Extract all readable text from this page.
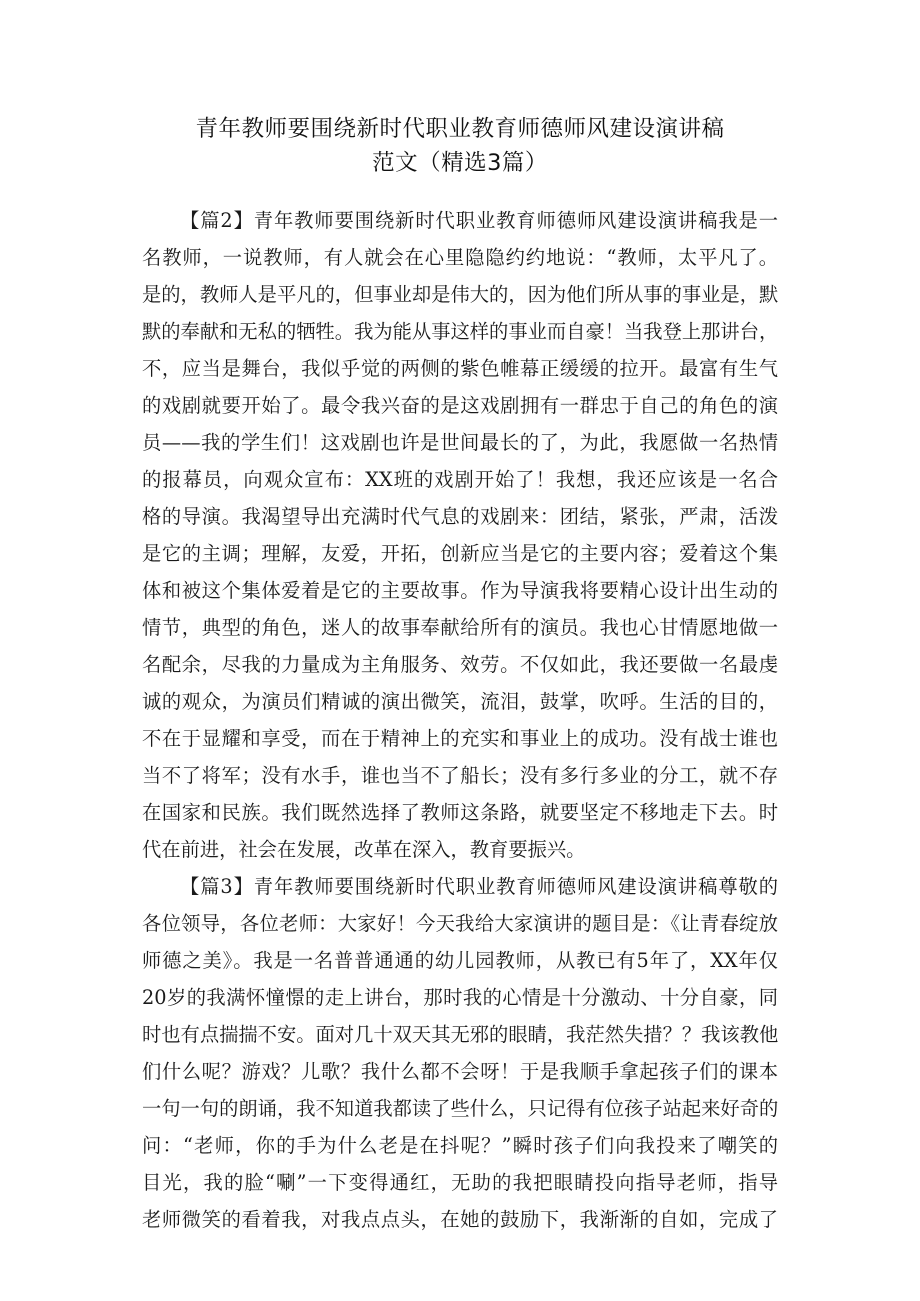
青年教师要围绕新时代职业教育师德师风建设演讲稿
范文（精选3篇）
【篇2】青年教师要围绕新时代职业教育师德师风建设演讲稿我是一
名教师，一说教师，有人就会在心里隐隐约约地说：“教师，太平凡了。
是的，教师人是平凡的，但事业却是伟大的，因为他们所从事的事业是，默
默的奉献和无私的牺牲。我为能从事这样的事业而自豪！当我登上那讲台，
不，应当是舞台，我似乎觉的两侧的紫色帷幕正缓缓的拉开。最富有生气
的戏剧就要开始了。最令我兴奋的是这戏剧拥有一群忠于自己的角色的演
员——我的学生们！这戏剧也许是世间最长的了，为此，我愿做一名热情
的报幕员，向观众宣布：XX班的戏剧开始了！我想，我还应该是一名合
格的导演。我渴望导出充满时代气息的戏剧来：团结，紧张，严肃，活泼
是它的主调；理解，友爱，开拓，创新应当是它的主要内容；爱着这个集
体和被这个集体爱着是它的主要故事。作为导演我将要精心设计出生动的
情节，典型的角色，迷人的故事奉献给所有的演员。我也心甘情愿地做一
名配余，尽我的力量成为主角服务、效劳。不仅如此，我还要做一名最虔
诚的观众，为演员们精诚的演出微笑，流泪，鼓掌，吹呼。生活的目的，
不在于显耀和享受，而在于精神上的充实和事业上的成功。没有战士谁也
当不了将军；没有水手，谁也当不了船长；没有多行多业的分工，就不存
在国家和民族。我们既然选择了教师这条路，就要坚定不移地走下去。时
代在前进，社会在发展，改革在深入，教育要振兴。
【篇3】青年教师要围绕新时代职业教育师德师风建设演讲稿尊敬的
各位领导，各位老师：大家好！今天我给大家演讲的题目是：《让青春绽放
师德之美》。我是一名普普通通的幼儿园教师，从教已有5年了，XX年仅
20岁的我满怀憧憬的走上讲台，那时我的心情是十分激动、十分自豪，同
时也有点揣揣不安。面对几十双天其无邪的眼睛，我茫然失措？？我该教他
们什么呢？游戏？儿歌？我什么都不会呀！于是我顺手拿起孩子们的课本
一句一句的朗诵，我不知道我都读了些什么，只记得有位孩子站起来好奇的
问：“老师，你的手为什么老是在抖呢？”瞬时孩子们向我投来了嘲笑的
目光，我的脸“唰”一下变得通红，无助的我把眼睛投向指导老师，指导
老师微笑的看着我，对我点点头，在她的鼓励下，我渐渐的自如，完成了
